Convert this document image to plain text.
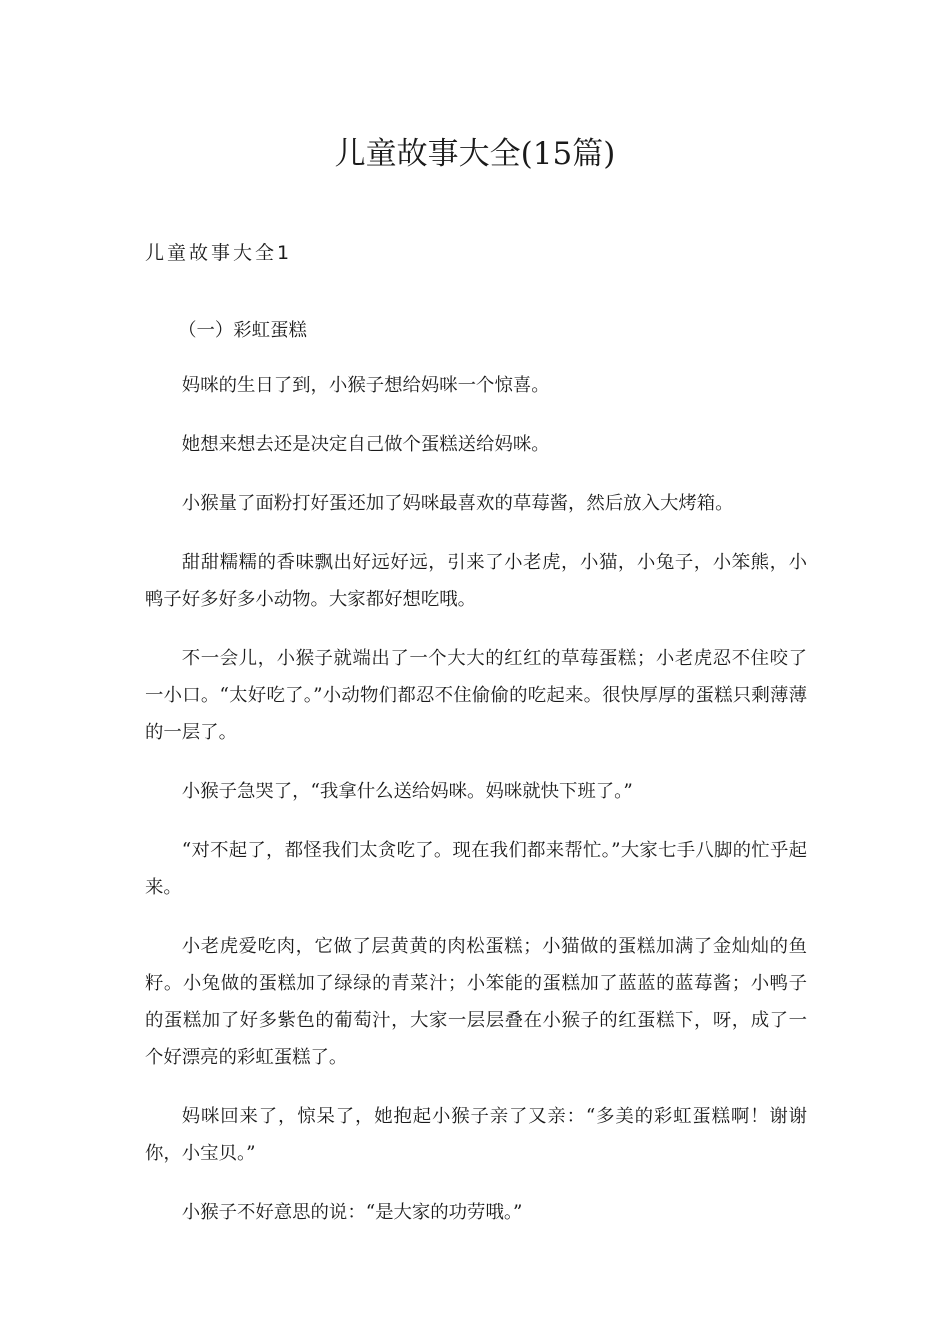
儿童故事大全(15篇)
儿童故事大全1

（一）彩虹蛋糕

妈咪的生日了到，小猴子想给妈咪一个惊喜。

她想来想去还是决定自己做个蛋糕送给妈咪。

小猴量了面粉打好蛋还加了妈咪最喜欢的草莓酱，然后放入大烤箱。

甜甜糯糯的香味飘出好远好远，引来了小老虎，小猫，小兔子，小笨熊，小鸭子好多好多小动物。大家都好想吃哦。

不一会儿，小猴子就端出了一个大大的红红的草莓蛋糕；小老虎忍不住咬了一小口。“太好吃了。”小动物们都忍不住偷偷的吃起来。很快厚厚的蛋糕只剩薄薄的一层了。

小猴子急哭了，“我拿什么送给妈咪。妈咪就快下班了。”

“对不起了，都怪我们太贪吃了。现在我们都来帮忙。”大家七手八脚的忙乎起来。

小老虎爱吃肉，它做了层黄黄的肉松蛋糕；小猫做的蛋糕加满了金灿灿的鱼籽。小兔做的蛋糕加了绿绿的青菜汁；小笨能的蛋糕加了蓝蓝的蓝莓酱；小鸭子的蛋糕加了好多紫色的葡萄汁，大家一层层叠在小猴子的红蛋糕下，呀，成了一个好漂亮的彩虹蛋糕了。

妈咪回来了，惊呆了，她抱起小猴子亲了又亲：“多美的彩虹蛋糕啊！谢谢你，小宝贝。”

小猴子不好意思的说：“是大家的功劳哦。”
